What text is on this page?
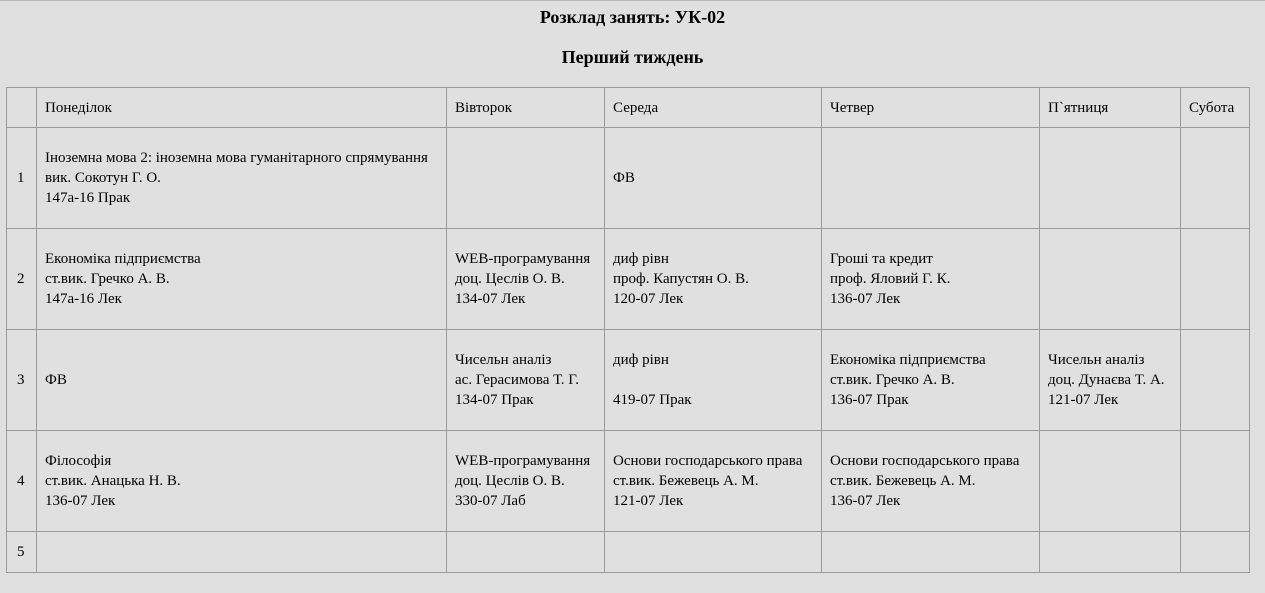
Розклад занять: УК-02
Перший тиждень
	Понеділок	Вівторок	Середа	Четвер	П`ятниця	Субота
1	Іноземна мова 2: іноземна мова гуманітарного спрямування
вик. Сокотун Г. О.
147а-16 Прак		ФВ			

2	Економіка підприємства
ст.вик. Гречко А. В.
147а-16 Лек	WEB-програмування
доц. Цеслів О. В.
134-07 Лек	диф рівн
проф. Капустян О. В.
120-07 Лек	Гроші та кредит
проф. Яловий Г. К.
136-07 Лек		

3	ФВ	Чисельн аналіз
ас. Герасимова Т. Г.
134-07 Прак	диф рівн
419-07 Прак	Економіка підприємства
ст.вик. Гречко А. В.
136-07 Прак	Чисельн аналіз
доц. Дунаєва Т. А.
121-07 Лек	

4	Філософія
ст.вик. Анацька Н. В.
136-07 Лек	WEB-програмування
доц. Цеслів О. В.
330-07 Лаб	Основи господарського права
ст.вик. Бежевець А. М.
121-07 Лек	Основи господарського права
ст.вик. Бежевець А. М.
136-07 Лек		

5						
